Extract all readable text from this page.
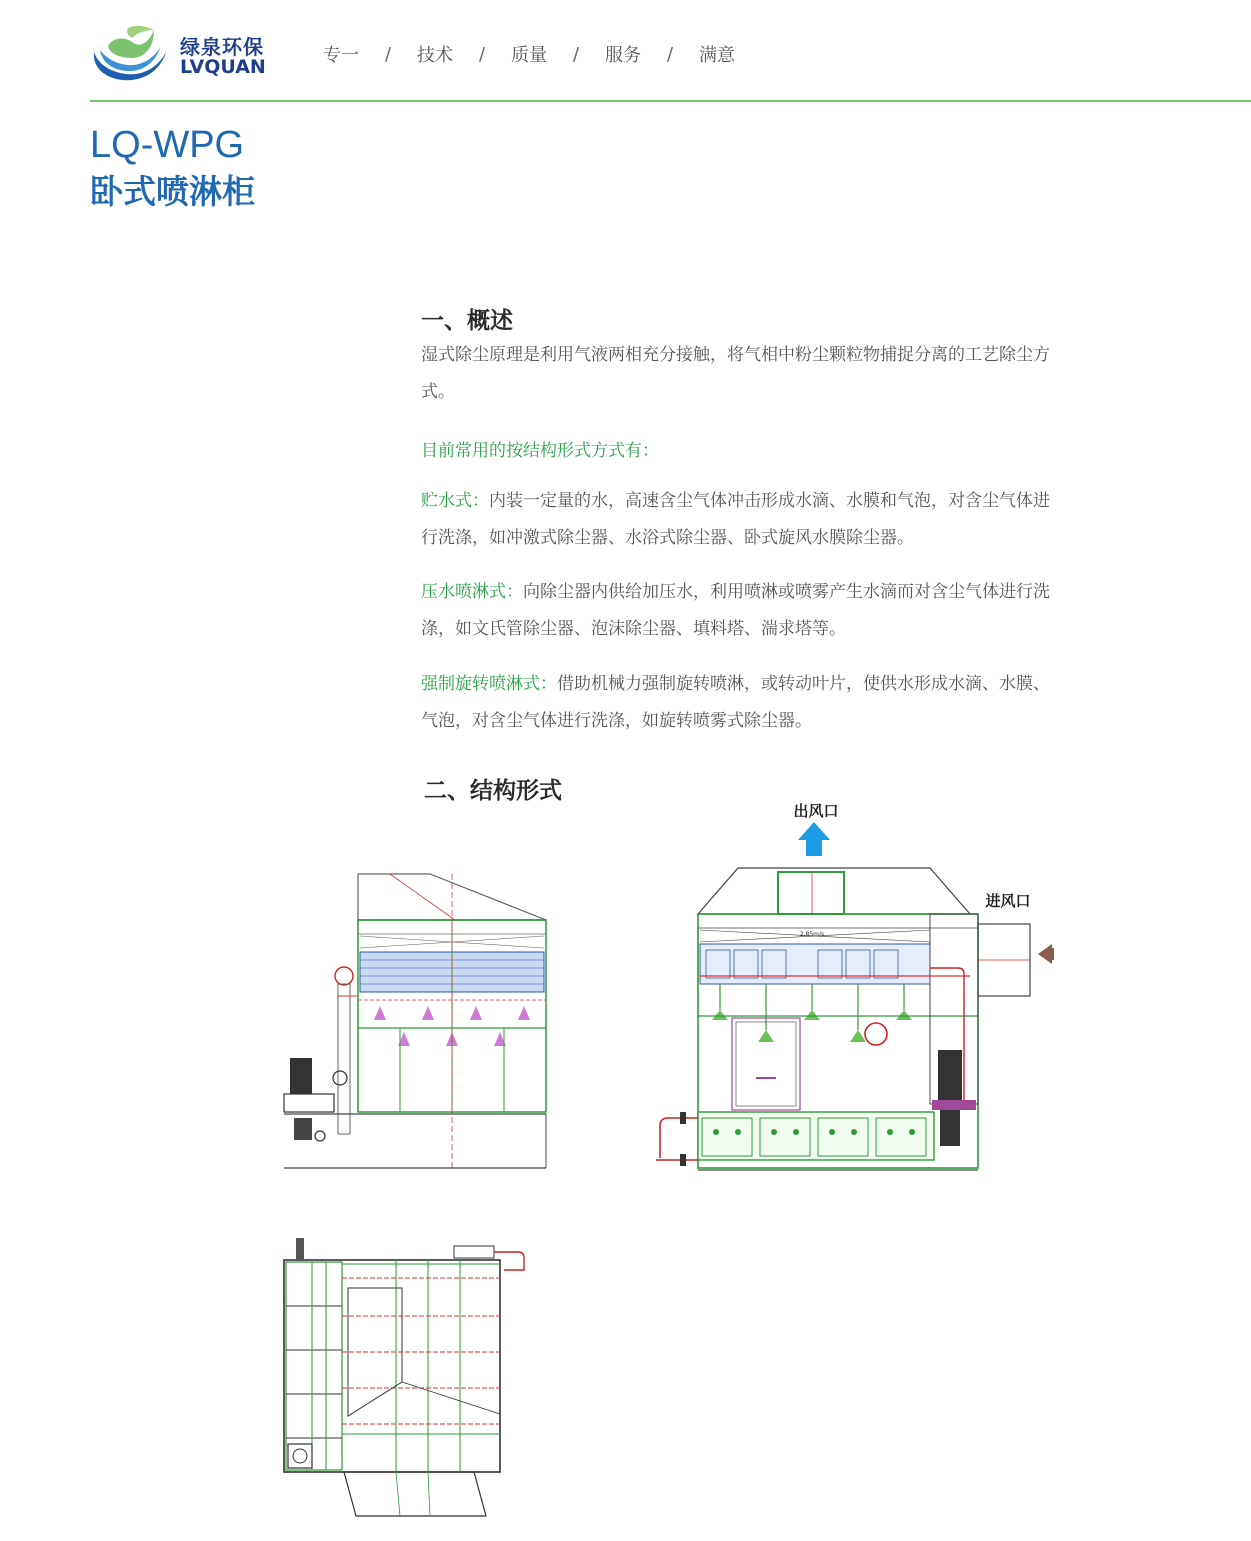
绿泉环保
LVQUAN
专一	/	技术	/	质量	/	服务	/	满意
LQ-WPG
卧式喷淋柜
一、概述
湿式除尘原理是利用气液两相充分接触，将气相中粉尘颗粒物捕捉分离的工艺除尘方式。
目前常用的按结构形式方式有：
贮水式：内装一定量的水，高速含尘气体冲击形成水滴、水膜和气泡，对含尘气体进行洗涤，如冲激式除尘器、水浴式除尘器、卧式旋风水膜除尘器。
压水喷淋式：向除尘器内供给加压水，利用喷淋或喷雾产生水滴而对含尘气体进行洗涤，如文氏管除尘器、泡沫除尘器、填料塔、湍求塔等。
强制旋转喷淋式：借助机械力强制旋转喷淋，或转动叶片，使供水形成水滴、水膜、气泡，对含尘气体进行洗涤，如旋转喷雾式除尘器。
二、结构形式
出风口
进风口
2.85m/s
